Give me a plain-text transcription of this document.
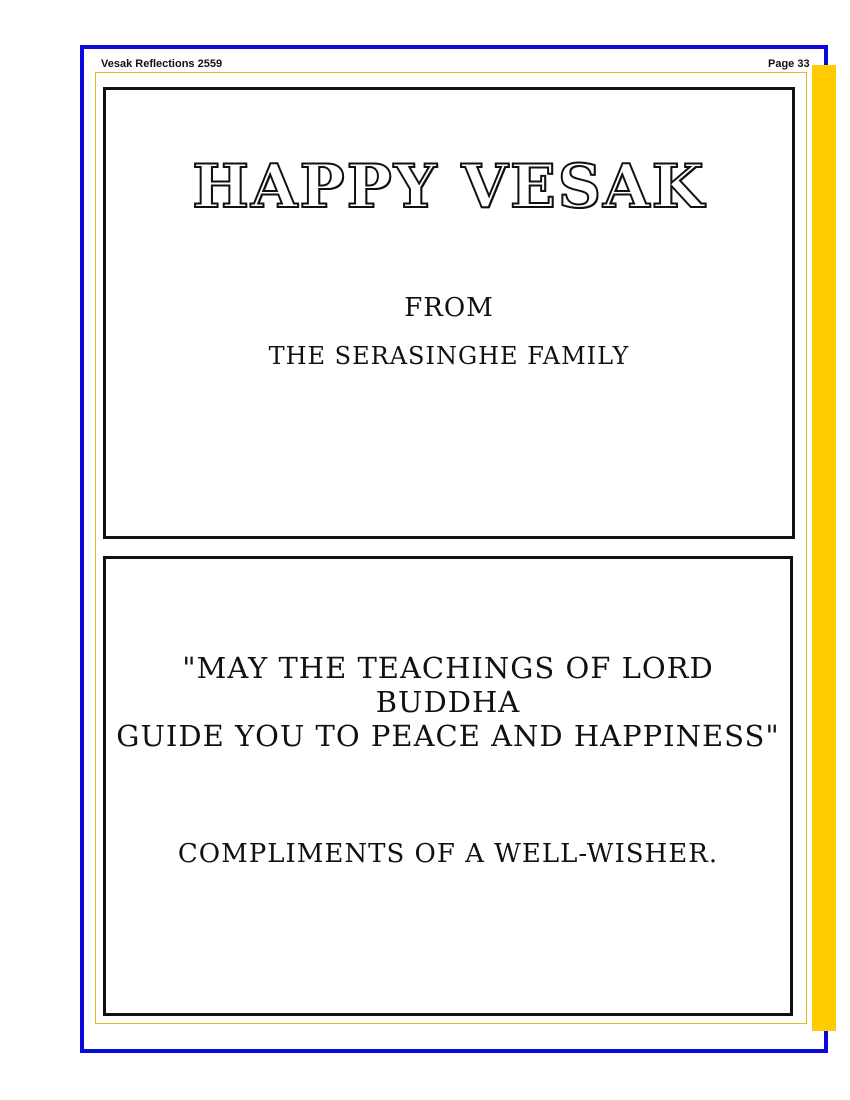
Vesak Reflections 2559	Page 33
HAPPY VESAK
FROM
THE SERASINGHE FAMILY
"MAY THE TEACHINGS OF LORD BUDDHA
GUIDE YOU TO PEACE AND HAPPINESS"
COMPLIMENTS OF A WELL-WISHER.
